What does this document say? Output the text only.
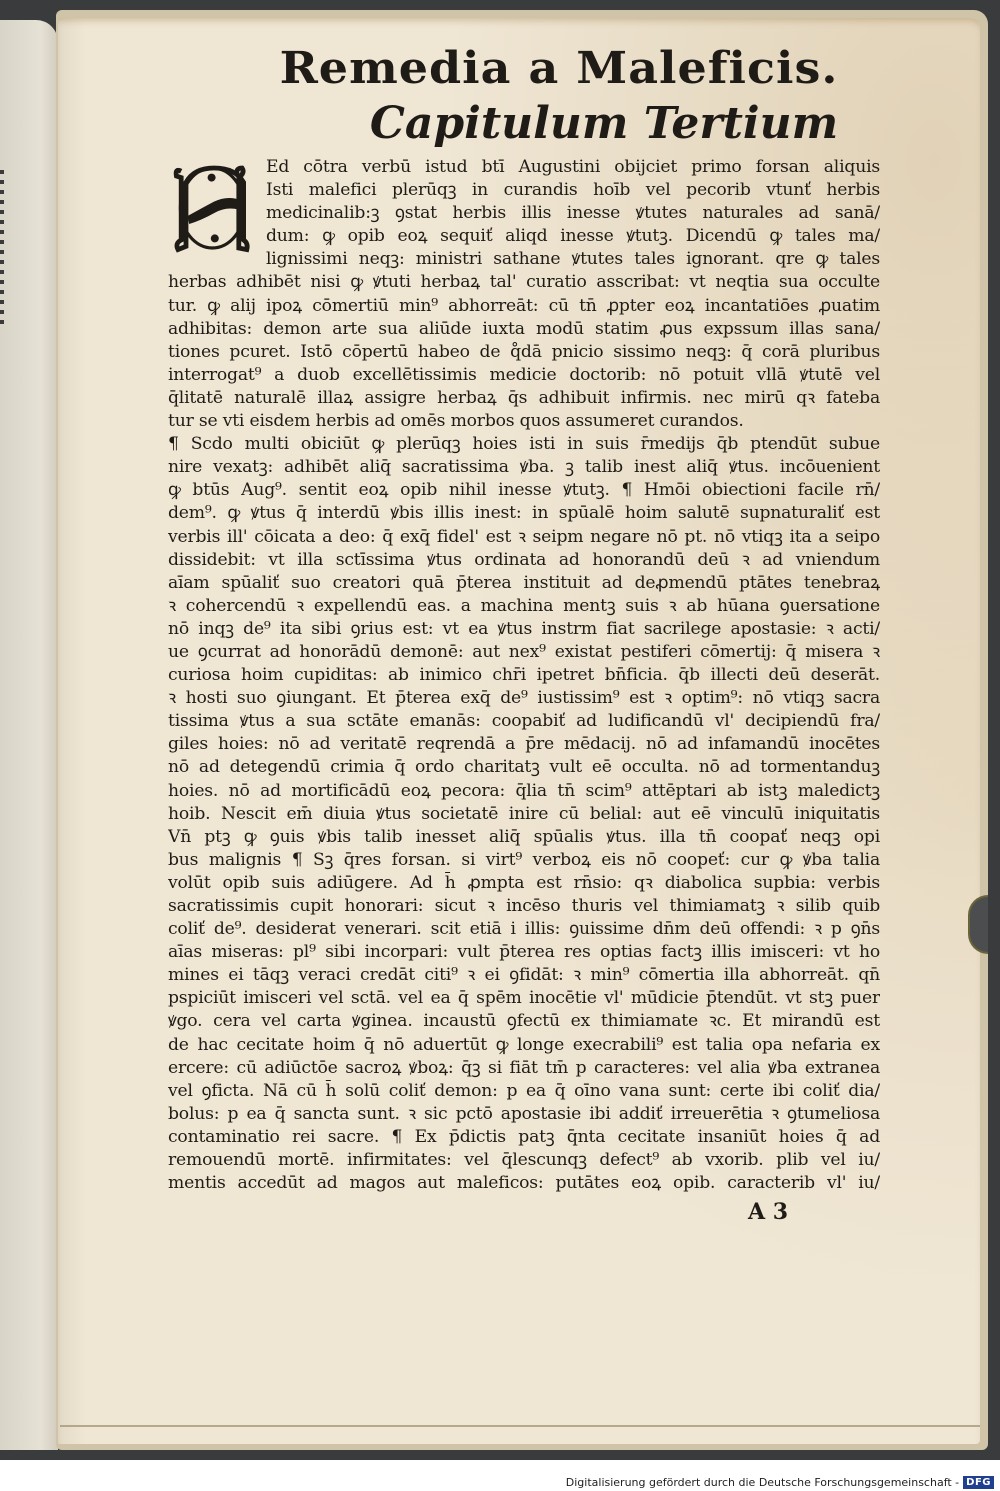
Remedia a Maleficis.
Capitulum Tertium
Ed cōtra verbū istud btī Augustini obijciet primo forsan aliquis
Isti malefici plerūqꝫ in curandis hoīb vel pecorib vtunť herbis
medicinalib:ꝫ ꝯstat herbis illis inesse ꝟtutes naturales ad sanā/
dum: ꝙ opib eoꝝ sequiť aliqd inesse ꝟtutꝫ. Dicendū ꝙ tales ma/
lignissimi neqꝫ: ministri sathane ꝟtutes tales ignorant. qre ꝙ tales
herbas adhibēt nisi ꝙ ꝟtuti herbaꝝ tal' curatio asscribat: vt neqtia sua occulte
tur. ꝙ alij ipoꝝ cōmertiū min⁹ abhorreāt: cū tn̄ ꝓpter eoꝝ incantatiōes ꝓuatim
adhibitas: demon arte sua aliūde iuxta modū statim ꝓus expssum illas sana/
tiones pcuret. Istō cōpertū habeo de q̊dā pnicio sissimo neqꝫ: q̄ corā pluribus
interrogat⁹ a duob excellētissimis medicie doctorib: nō potuit vllā ꝟtutē vel
q̄litatē naturalē illaꝝ assigre herbaꝝ q̄s adhibuit infirmis. nec mirū qꝛ fateba
tur se vti eisdem herbis ad omēs morbos quos assumeret curandos.
¶ Scdo multi obiciūt ꝙ plerūqꝫ hoies isti in suis r̄medijs q̄b ptendūt subue
nire vexatꝫ: adhibēt aliq̄ sacratissima ꝟba. ꝫ talib inest aliq̄ ꝟtus. incōuenient
ꝙ btūs Aug⁹. sentit eoꝝ opib nihil inesse ꝟtutꝫ. ¶ Hmōi obiectioni facile rn̄/
dem⁹. ꝙ ꝟtus q̄ interdū ꝟbis illis inest: in spūalē hoim salutē supnaturaliť est
verbis ill' cōicata a deo: q̄ exq̄ fidel' est ꝛ seipm negare nō pt. nō vtiqꝫ ita a seipo
dissidebit: vt illa sctīssima ꝟtus ordinata ad honorandū deū ꝛ ad vniendum
aīam spūaliť suo creatori quā p̄terea instituit ad deꝓmendū ptātes tenebraꝝ
ꝛ cohercendū ꝛ expellendū eas. a machina mentꝫ suis ꝛ ab hūana ꝯuersatione
nō inqꝫ de⁹ ita sibi ꝯrius est: vt ea ꝟtus instrm fiat sacrilege apostasie: ꝛ acti/
ue ꝯcurrat ad honorādū demonē: aut nex⁹ existat pestiferi cōmertij: q̄ misera ꝛ
curiosa hoim cupiditas: ab inimico chr̄i ipetret bn̄ficia. q̄b illecti deū deserāt.
ꝛ hosti suo ꝯiungant. Et p̄terea exq̄ de⁹ iustissim⁹ est ꝛ optim⁹: nō vtiqꝫ sacra
tissima ꝟtus a sua sctāte emanās: coopabiť ad ludificandū vl' decipiendū fra/
giles hoies: nō ad veritatē reqrendā a p̄re mēdacij. nō ad infamandū inocētes
nō ad detegendū crimia q̄ ordo charitatꝫ vult eē occulta. nō ad tormentanduꝫ
hoies. nō ad mortificādū eoꝝ pecora: q̄lia tn̄ scim⁹ attēptari ab istꝫ maledictꝫ
hoib. Nescit em̄ diuia ꝟtus societatē inire cū belial: aut eē vinculū iniquitatis
Vn̄ ptꝫ ꝙ ꝯuis ꝟbis talib inesset aliq̄ spūalis ꝟtus. illa tn̄ coopať neqꝫ opi
bus malignis ¶ Sꝫ q̄res forsan. si virt⁹ verboꝝ eis nō coopeť: cur ꝙ ꝟba talia
volūt opib suis adiūgere. Ad h̄ ꝓmpta est rn̄sio: qꝛ diabolica supbia: verbis
sacratissimis cupit honorari: sicut ꝛ incēso thuris vel thimiamatꝫ ꝛ silib quib
coliť de⁹. desiderat venerari. scit etiā i illis: ꝯuissime dn̄m deū offendi: ꝛ p ꝯn̄s
aīas miseras: pl⁹ sibi incorpari: vult p̄terea res optias factꝫ illis imisceri: vt ho
mines ei tāqꝫ veraci credāt citi⁹ ꝛ ei ꝯfidāt: ꝛ min⁹ cōmertia illa abhorreāt. qn̄
pspiciūt imisceri vel sctā. vel ea q̄ spēm inocētie vl' mūdicie p̄tendūt. vt stꝫ puer
ꝟgo. cera vel carta ꝟginea. incaustū ꝯfectū ex thimiamate ꝛc. Et mirandū est
de hac cecitate hoim q̄ nō aduertūt ꝙ longe execrabili⁹ est talia opa nefaria ex
ercere: cū adiūctōe sacroꝝ ꝟboꝝ: q̄ꝫ si fiāt tm̄ p caracteres: vel alia ꝟba extranea
vel ꝯficta. Nā cū h̄ solū coliť demon: p ea q̄ oīno vana sunt: certe ibi coliť dia/
bolus: p ea q̄ sancta sunt. ꝛ sic pctō apostasie ibi addiť irreuerētia ꝛ ꝯtumeliosa
contaminatio rei sacre. ¶ Ex p̄dictis patꝫ q̄nta cecitate insaniūt hoies q̄ ad
remouendū mortē. infirmitates: vel q̄lescunqꝫ defect⁹ ab vxorib. plib vel iu/
mentis accedūt ad magos aut maleficos: putātes eoꝝ opib. caracterib vl' iu/
A 3
Digitalisierung gefördert durch die Deutsche Forschungsgemeinschaft - DFG
